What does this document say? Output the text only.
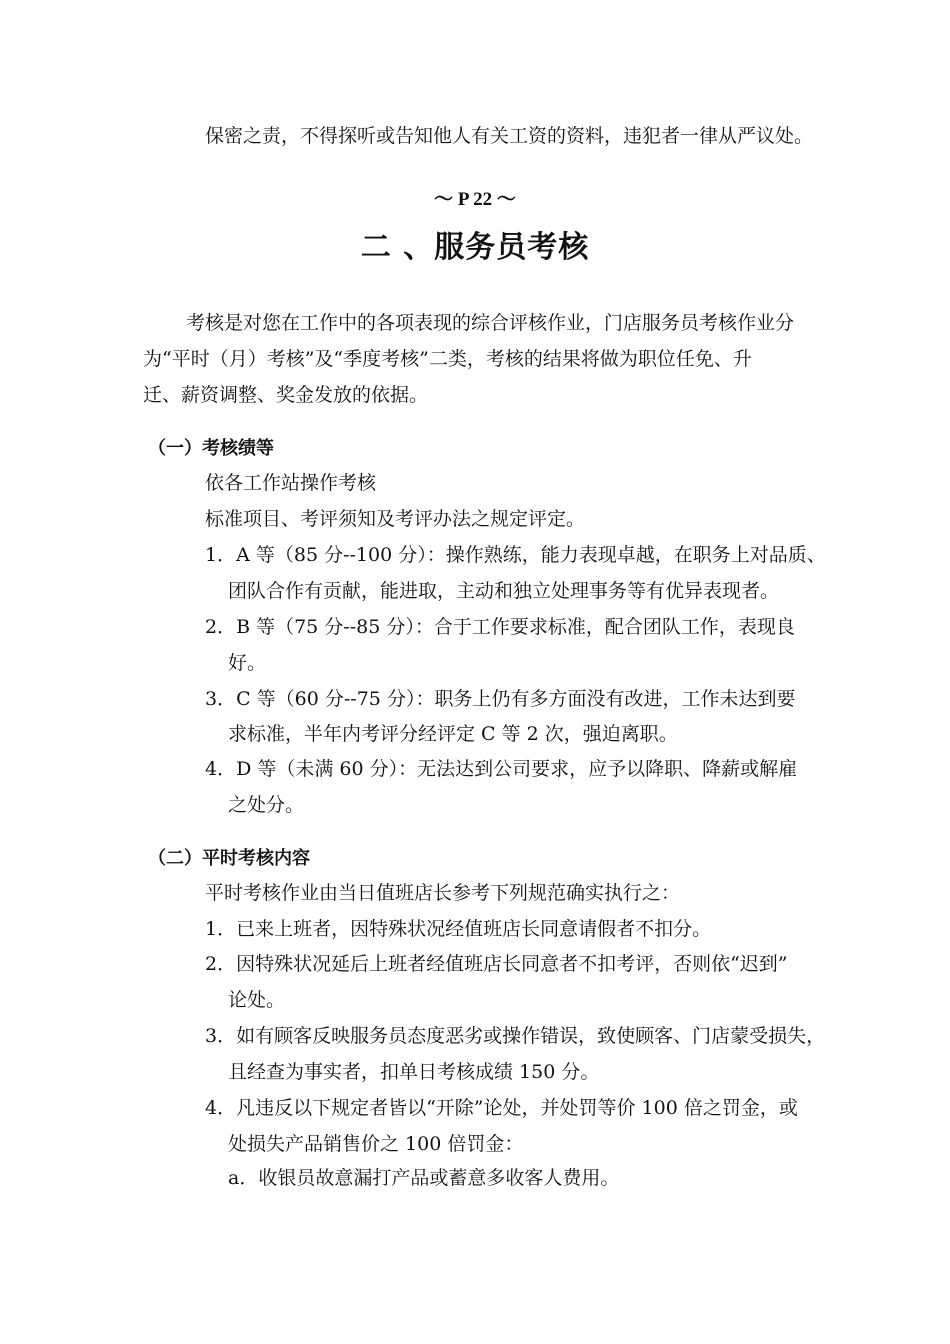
保密之责，不得探听或告知他人有关工资的资料，违犯者一律从严议处。
～ P 22 ～
二 、服务员考核
考核是对您在工作中的各项表现的综合评核作业，门店服务员考核作业分
为“平时（月）考核”及“季度考核”二类，考核的结果将做为职位任免、升
迁、薪资调整、奖金发放的依据。
（一）考核绩等
依各工作站操作考核
标准项目、考评须知及考评办法之规定评定。
1．A 等（85 分--100 分）：操作熟练，能力表现卓越，在职务上对品质、
团队合作有贡献，能进取，主动和独立处理事务等有优异表现者。
2．B 等（75 分--85 分）：合于工作要求标准，配合团队工作，表现良
好。
3．C 等（60 分--75 分）：职务上仍有多方面没有改进，工作未达到要
求标准，半年内考评分经评定 C 等 2 次，强迫离职。
4．D 等（未满 60 分）：无法达到公司要求，应予以降职、降薪或解雇
之处分。
（二）平时考核内容
平时考核作业由当日值班店长参考下列规范确实执行之：
1．已来上班者，因特殊状况经值班店长同意请假者不扣分。
2．因特殊状况延后上班者经值班店长同意者不扣考评，否则依“迟到”
论处。
3．如有顾客反映服务员态度恶劣或操作错误，致使顾客、门店蒙受损失，
且经查为事实者，扣单日考核成绩 150 分。
4．凡违反以下规定者皆以“开除”论处，并处罚等价 100 倍之罚金，或
处损失产品销售价之 100 倍罚金：
a．收银员故意漏打产品或蓄意多收客人费用。
